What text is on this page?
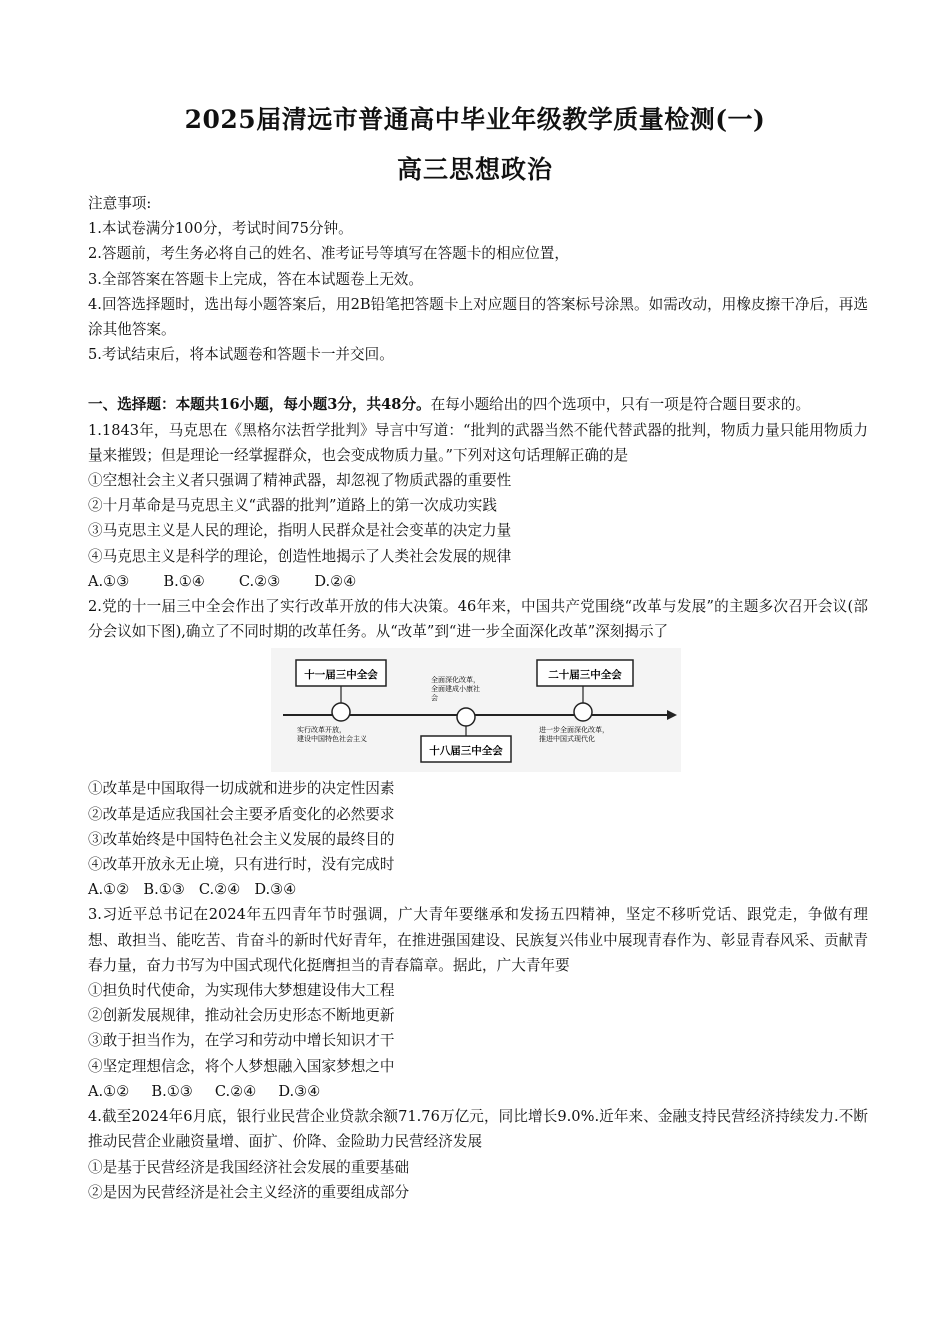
2025届清远市普通高中毕业年级教学质量检测(一)
高三思想政治
注意事项:
1.本试卷满分100分，考试时间75分钟。
2.答题前，考生务必将自己的姓名、准考证号等填写在答题卡的相应位置，
3.全部答案在答题卡上完成，答在本试题卷上无效。
4.回答选择题时，选出每小题答案后，用2B铅笔把答题卡上对应题目的答案标号涂黑。如需改动，用橡皮擦干净后，再选涂其他答案。
5.考试结束后，将本试题卷和答题卡一并交回。
一、选择题：本题共16小题，每小题3分，共48分。在每小题给出的四个选项中，只有一项是符合题目要求的。
1.1843年，马克思在《黑格尔法哲学批判》导言中写道：“批判的武器当然不能代替武器的批判，物质力量只能用物质力量来摧毁；但是理论一经掌握群众，也会变成物质力量。”下列对这句话理解正确的是
①空想社会主义者只强调了精神武器，却忽视了物质武器的重要性
②十月革命是马克思主义“武器的批判”道路上的第一次成功实践
③马克思主义是人民的理论，指明人民群众是社会变革的决定力量
④马克思主义是科学的理论，创造性地揭示了人类社会发展的规律
A.①③ B.①④ C.②③ D.②④
2.党的十一届三中全会作出了实行改革开放的伟大决策。46年来，中国共产党围绕“改革与发展”的主题多次召开会议(部分会议如下图),确立了不同时期的改革任务。从“改革”到“进一步全面深化改革”深刻揭示了
十一届三中全会
实行改革开放，
建设中国特色社会主义
全面深化改革，
全面建成小康社
会
十八届三中全会
二十届三中全会
进一步全面深化改革，
推进中国式现代化
①改革是中国取得一切成就和进步的决定性因素
②改革是适应我国社会主要矛盾变化的必然要求
③改革始终是中国特色社会主义发展的最终目的
④改革开放永无止境，只有进行时，没有完成时
A.①② B.①③ C.②④ D.③④
3.习近平总书记在2024年五四青年节时强调，广大青年要继承和发扬五四精神，坚定不移听党话、跟党走，争做有理想、敢担当、能吃苦、肯奋斗的新时代好青年，在推进强国建设、民族复兴伟业中展现青春作为、彰显青春风采、贡献青春力量，奋力书写为中国式现代化挺膺担当的青春篇章。据此，广大青年要
①担负时代使命，为实现伟大梦想建设伟大工程
②创新发展规律，推动社会历史形态不断地更新
③敢于担当作为，在学习和劳动中增长知识才干
④坚定理想信念，将个人梦想融入国家梦想之中
A.①② B.①③ C.②④ D.③④
4.截至2024年6月底，银行业民营企业贷款余额71.76万亿元，同比增长9.0%.近年来、金融支持民营经济持续发力.不断推动民营企业融资量增、面扩、价降、金险助力民营经济发展
①是基于民营经济是我国经济社会发展的重要基础
②是因为民营经济是社会主义经济的重要组成部分
